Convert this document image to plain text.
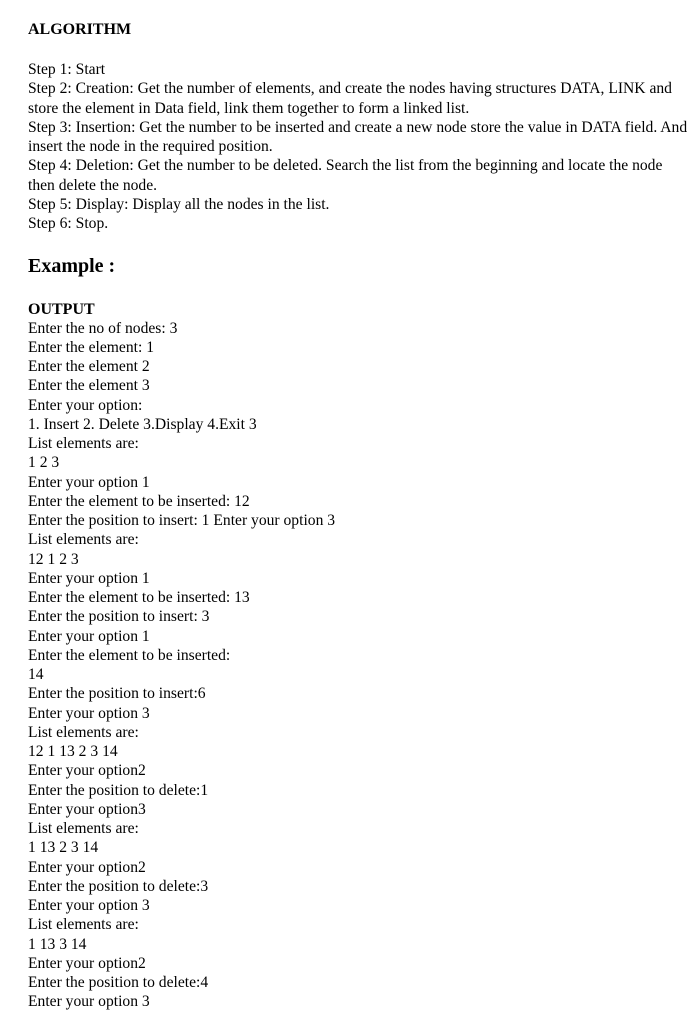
ALGORITHM
Step 1: Start
Step 2: Creation: Get the number of elements, and create the nodes having structures DATA, LINK and store the element in Data field, link them together to form a linked list.
Step 3: Insertion: Get the number to be inserted and create a new node store the value in DATA field. And insert the node in the required position.
Step 4: Deletion: Get the number to be deleted. Search the list from the beginning and locate the node then delete the node.
Step 5: Display: Display all the nodes in the list.
Step 6: Stop.
Example :
OUTPUT
Enter the no of nodes: 3
Enter the element: 1
Enter the element 2
Enter the element 3
Enter your option:
1. Insert 2. Delete 3.Display 4.Exit 3
List elements are:
1 2 3
Enter your option 1
Enter the element to be inserted: 12
Enter the position to insert: 1 Enter your option 3
List elements are:
12 1 2 3
Enter your option 1
Enter the element to be inserted: 13
Enter the position to insert: 3
Enter your option 1
Enter the element to be inserted:
14
Enter the position to insert:6
Enter your option 3
List elements are:
12 1 13 2 3 14
Enter your option2
Enter the position to delete:1
Enter your option3
List elements are:
1 13 2 3 14
Enter your option2
Enter the position to delete:3
Enter your option 3
List elements are:
1 13 3 14
Enter your option2
Enter the position to delete:4
Enter your option 3
